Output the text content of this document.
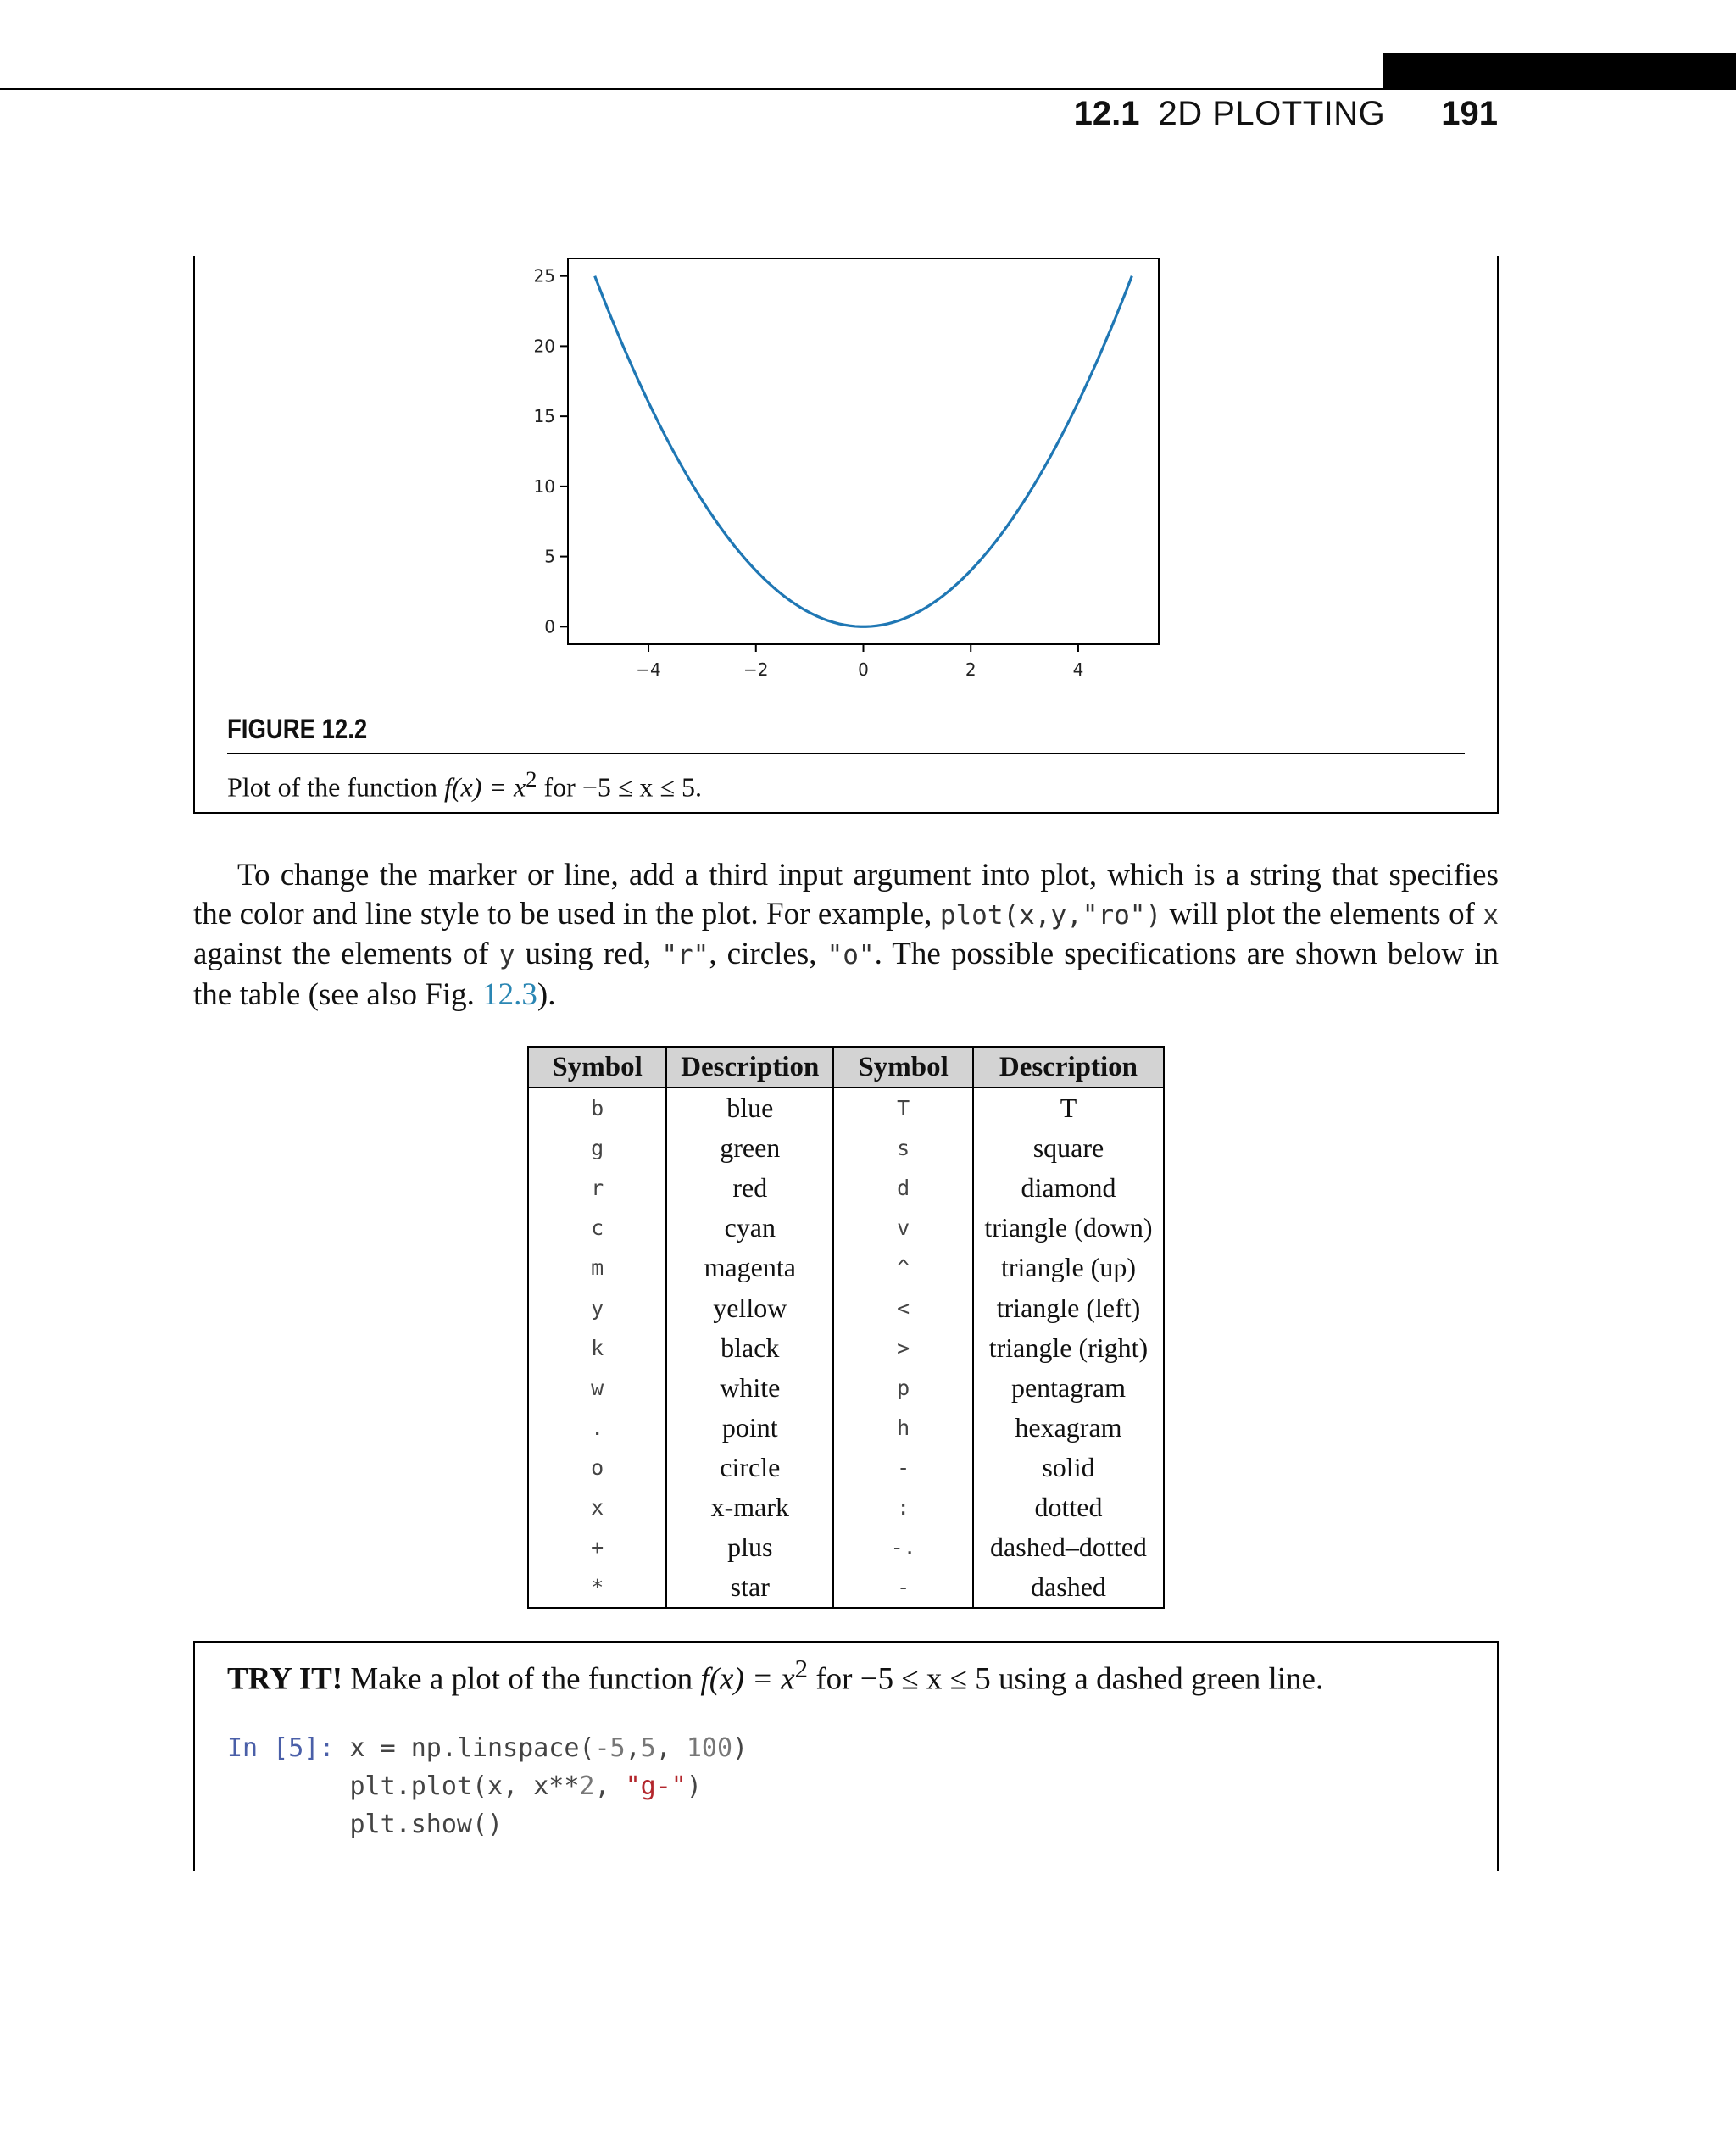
12.1 2D PLOTTING 191
−4	−2	0	2	4
0
5
10
15
20
25
FIGURE 12.2
Plot of the function $f(x) = x^2$ for −5 ≤ x ≤ 5.
To change the marker or line, add a third input argument into plot, which is a string that specifies the color and line style to be used in the plot. For example, plot(x,y,"ro") will plot the elements of x against the elements of y using red, "r", circles, "o". The possible specifications are shown below in the table (see also Fig. 12.3).
Symbol	Description	Symbol	Description
b	blue	T	T
g	green	s	square
r	red	d	diamond
c	cyan	v	triangle (down)
m	magenta	^	triangle (up)
y	yellow	<	triangle (left)
k	black	>	triangle (right)
w	white	p	pentagram
.	point	h	hexagram
o	circle	-	solid
x	x-mark	:	dotted
+	plus	-.	dashed–dotted
*	star	-	dashed
TRY IT! Make a plot of the function $f(x) = x^2$ for −5 ≤ x ≤ 5 using a dashed green line.
In [5]: x = np.linspace(-5,5, 100)
plt.plot(x, x**2, "g-")
plt.show()
